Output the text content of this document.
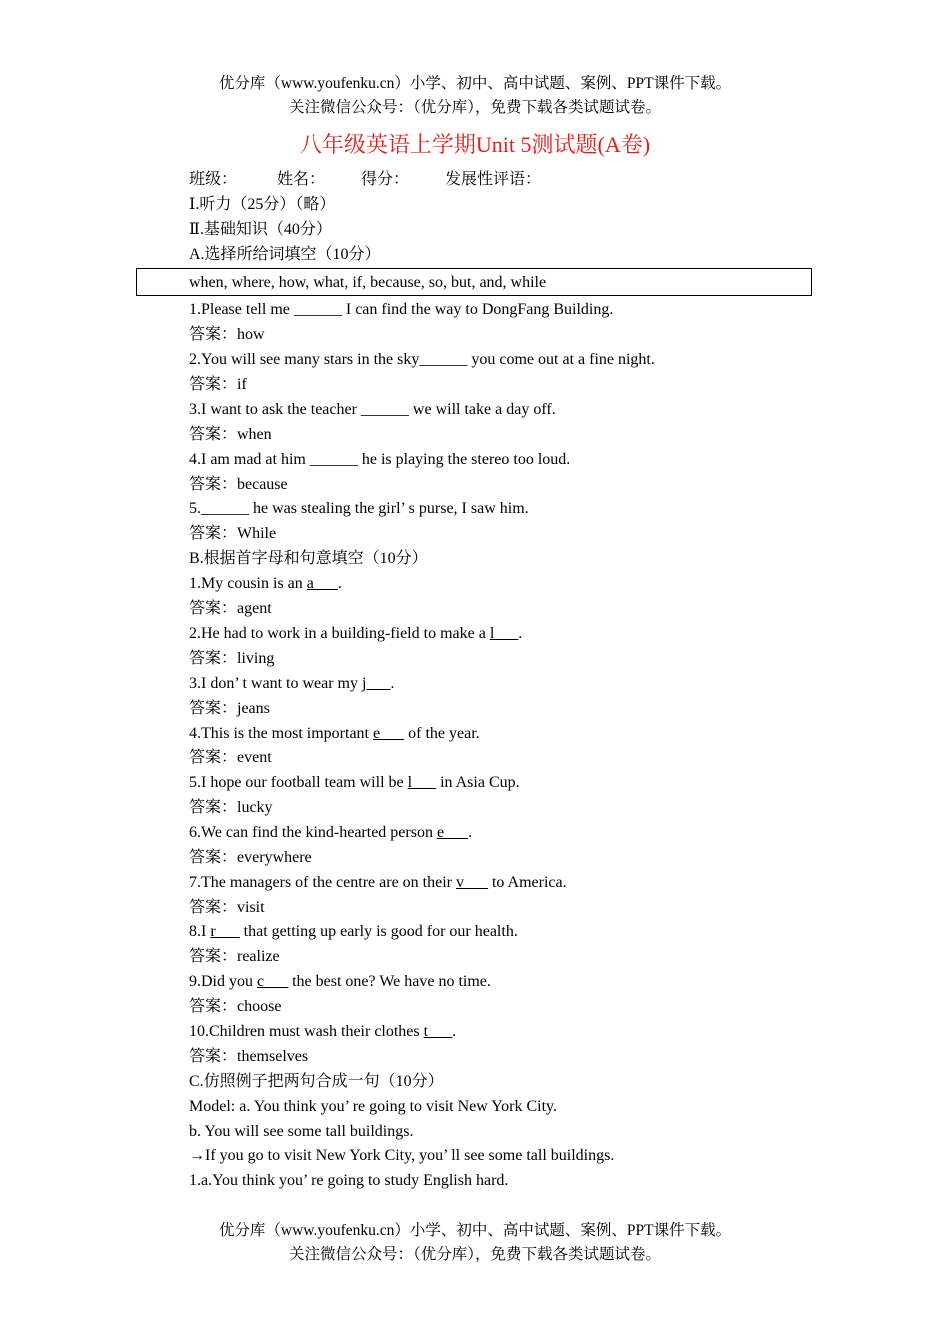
优分库（www.youfenku.cn）小学、初中、高中试题、案例、PPT课件下载。
关注微信公众号：（优分库），免费下载各类试题试卷。
八年级英语上学期Unit 5测试题(A卷)
班级： 姓名： 得分： 发展性评语：
Ⅰ.听力（25分）（略）
Ⅱ.基础知识（40分）
A.选择所给词填空（10分）
when, where, how, what, if, because, so, but, and, while
1.Please tell me ______ I can find the way to DongFang Building.
答案：how
2.You will see many stars in the sky______ you come out at a fine night.
答案：if
3.I want to ask the teacher ______ we will take a day off.
答案：when
4.I am mad at him ______ he is playing the stereo too loud.
答案：because
5.______ he was stealing the girl’ s purse, I saw him.
答案：While
B.根据首字母和句意填空（10分）
1.My cousin is an a___.
答案：agent
2.He had to work in a building-field to make a l___.
答案：living
3.I don’ t want to wear my j___.
答案：jeans
4.This is the most important e___ of the year.
答案：event
5.I hope our football team will be l___ in Asia Cup.
答案：lucky
6.We can find the kind-hearted person e___.
答案：everywhere
7.The managers of the centre are on their v___ to America.
答案：visit
8.I r___ that getting up early is good for our health.
答案：realize
9.Did you c___ the best one? We have no time.
答案：choose
10.Children must wash their clothes t___.
答案：themselves
C.仿照例子把两句合成一句（10分）
Model: a. You think you’ re going to visit New York City.
b. You will see some tall buildings.
→If you go to visit New York City, you’ ll see some tall buildings.
1.a.You think you’ re going to study English hard.
优分库（www.youfenku.cn）小学、初中、高中试题、案例、PPT课件下载。
关注微信公众号：（优分库），免费下载各类试题试卷。
